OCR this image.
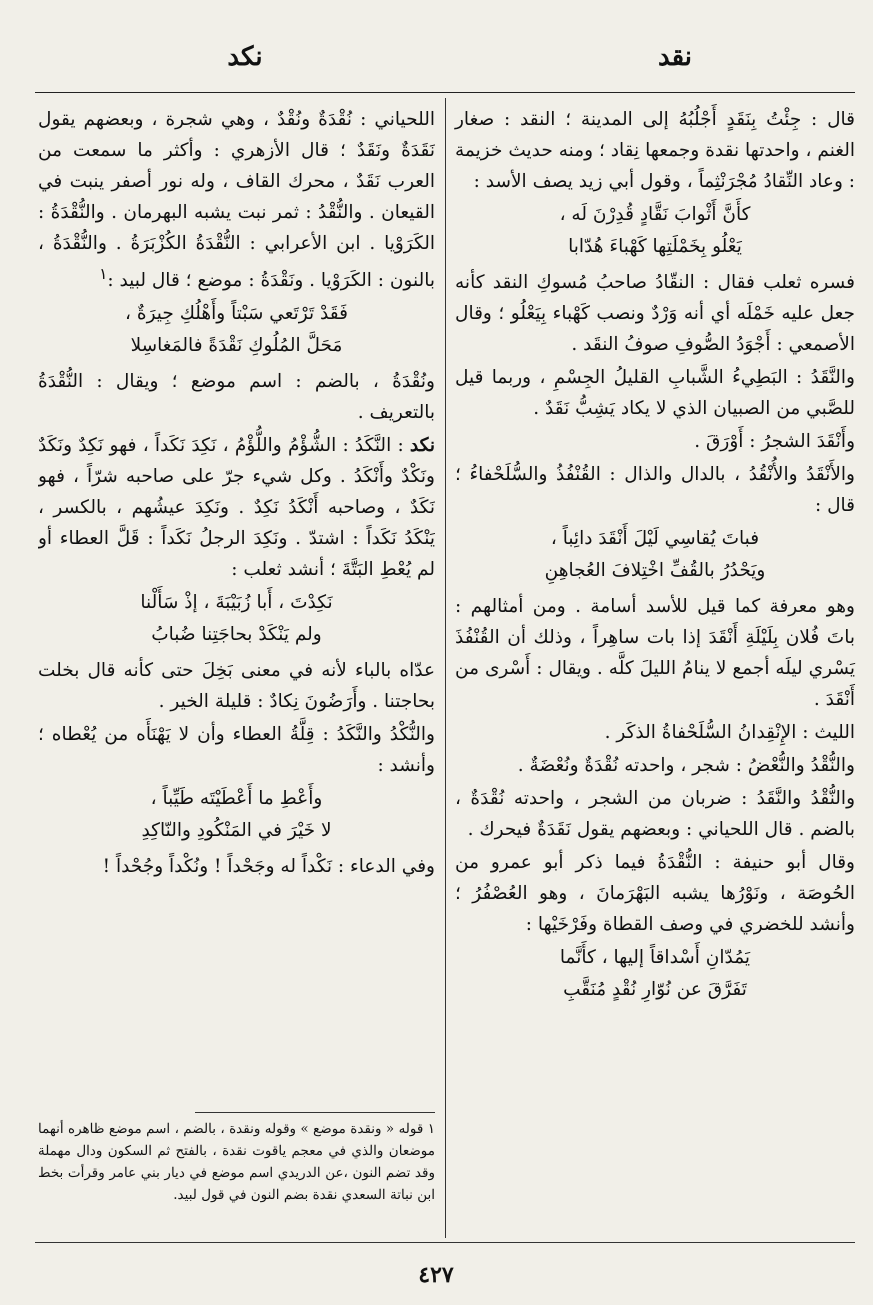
نقد
نكد

قال : جِئْتُ بِنَقَدٍ أَجْلُبُهُ إلى المدينة ؛ النقد : صغار الغنم ، واحدتها نقدة وجمعها نِقاد ؛ ومنه حديث خزيمة : وعاد النِّقادُ مُجْرَنْثِماً ، وقول أبي زيد يصف الأسد :

كأَنَّ أَثْوابَ نَقَّادٍ قُدِرْنَ لَه ،
يَعْلُو بِخَمْلَتِها كَهْباءَ هُدّابا

فسره ثعلب فقال : النقّادُ صاحبُ مُسوكِ النقد كأنه جعل عليه خَمْلَه أي أنه وَرْدٌ ونصب كَهْباء بِيَعْلُو ؛ وقال الأصمعي : أَجْوَدُ الصُّوفِ صوفُ النقَد .

والنَّقَدُ : البَطِيءُ الشَّبابِ القليلُ الجِسْمِ ، وربما قيل للصَّبي من الصبيان الذي لا يكاد يَشِبُّ نَقَدٌ .

وأَنْقَدَ الشجرُ : أَوْرَقَ .

والأَنْقَدُ والأُنْقُدُ ، بالدال والذال : القُنْفُذُ والسُّلَحْفاءُ ؛ قال :

فباتَ يُقاسِي لَيْلَ أَنْقَدَ دائِباً ،
ويَحْدُرُ بالقُفِّ اخْتِلافَ العُجاهِنِ

وهو معرفة كما قيل للأسد أسامة . ومن أمثالهم : باتَ فُلان بِلَيْلَةِ أَنْقَدَ إذا بات ساهِراً ، وذلك أن القُنْفُذَ يَسْري ليلَه أجمع لا ينامُ الليلَ كلَّه . ويقال : أَسْرى من أَنْقَدَ .

الليث : الإِنْقِدانُ السُّلَحْفاةُ الذكَر .

والنُّقْدُ والنُّعْضُ : شجر ، واحدته نُقْدَةٌ ونُعْضَةٌ .

والنُّقْدُ والنَّقَدُ : ضربان من الشجر ، واحدته نُقْدَةٌ ، بالضم . قال اللحياني : وبعضهم يقول نَقَدَةٌ فيحرك .

وقال أبو حنيفة : النُّقْدَةُ فيما ذكر أبو عمرو من الحُوصَة ، ونَوْرُها يشبه البَهْرَمانَ ، وهو العُصْفُرُ ؛ وأنشد للخضري في وصف القطاة وفَرْخَيْها :

يَمُدّانِ أَسْداقاً إليها ، كأَنَّما
تَفَرَّقَ عن نُوّارِ نُقْدٍ مُنَقَّبِ

اللحياني : نُقْدَةٌ ونُقْدٌ ، وهي شجرة ، وبعضهم يقول نَقَدَةٌ ونَقَدٌ ؛ قال الأزهري : وأكثر ما سمعت من العرب نَقَدٌ ، محرك القاف ، وله نور أصفر ينبت في القيعان . والنُّقْدُ : ثمر نبت يشبه البهرمان . والنُّقْدَةُ : الكَرَوْيا . ابن الأعرابي : النُّقْدَةُ الكُزْبَرَةُ . والنُّقْدَةُ ، بالنون : الكَرَوْيا . ونَقْدَةُ : موضع ؛ قال لبيد :$^١$

فَقَدْ تَرْتَعي سَبْتاً وأَهْلُكِ جِيرَةٌ ،
مَحَلَّ المُلُوكِ نَقْدَةً فالمَغاسِلا

ونُقْدَةُ ، بالضم : اسم موضع ؛ ويقال : النُّقْدَةُ بالتعريف .

نكد : النَّكَدُ : الشُّؤْمُ واللُّؤْمُ ، نَكِدَ نَكَداً ، فهو نَكِدٌ ونَكَدٌ ونَكْدٌ وأَنْكَدُ . وكل شيء جرّ على صاحبه شرّاً ، فهو نَكَدٌ ، وصاحبه أَنْكَدُ نَكِدٌ . ونَكِدَ عيشُهم ، بالكسر ، يَنْكَدُ نَكَداً : اشتدّ . ونَكِدَ الرجلُ نَكَداً : قَلَّ العطاء أو لم يُعْطِ البَتَّةَ ؛ أنشد ثعلب :

نَكِدْتَ ، أَبا زُبَيْبَةَ ، إذْ سَأَلْنا
ولم يَنْكَدْ بحاجَتِنا ضُبابُ

عدّاه بالباء لأنه في معنى بَخِلَ حتى كأنه قال بخلت بحاجتنا . وأَرَضُونَ نِكادٌ : قليلة الخير .

والنُّكْدُ والنَّكَدُ : قِلَّةُ العطاء وأن لا يَهْنَأَه من يُعْطاه ؛ وأنشد :

وأَعْطِ ما أَعْطَيْتَه طَيِّباً ،
لا خَيْرَ في المَنْكُودِ والنّاكِدِ

وفي الدعاء : نَكْداً له وجَحْداً ! ونُكْداً وجُحْداً !

١ قوله « ونقدة موضع » وقوله ونقدة ، بالضم ، اسم موضع ظاهره أنهما موضعان والذي في معجم ياقوت نقدة ، بالفتح ثم السكون ودال مهملة وقد تضم النون ،عن الدريدي اسم موضع في ديار بني عامر وقرأت بخط ابن نباتة السعدي نقدة بضم النون في قول لبيد.
٤٢٧
